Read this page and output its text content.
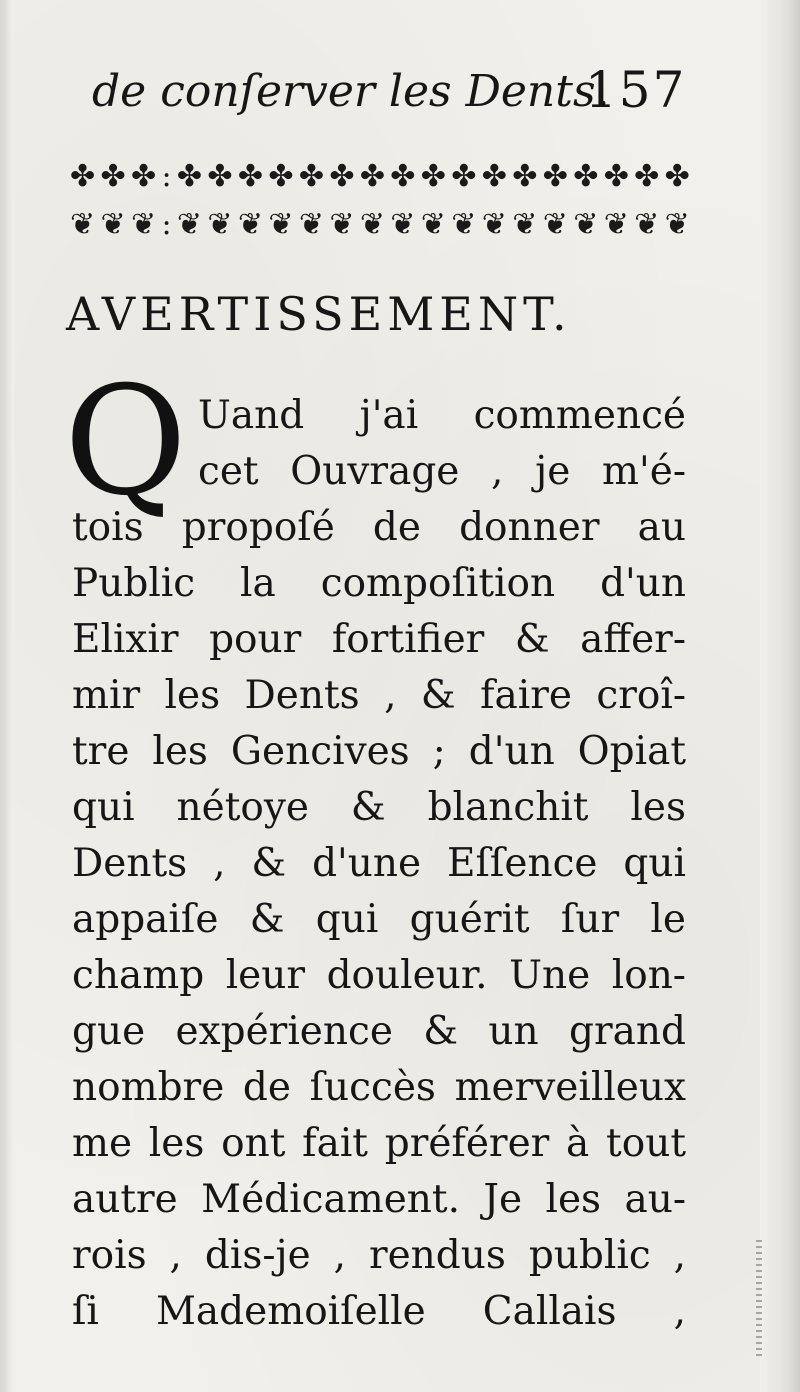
de conſerver les Dents.
157
✤ ✤ ✤ : ✤ ✤ ✤ ✤ ✤ ✤ ✤ ✤ ✤ ✤ ✤ ✤ ✤ ✤ ✤ ✤ ✤
❦ ❦ ❦ : ❦ ❦ ❦ ❦ ❦ ❦ ❦ ❦ ❦ ❦ ❦ ❦ ❦ ❦ ❦ ❦ ❦
AVERTISSEMENT.
Q Uand j'ai commencé
cet Ouvrage , je m'é-
tois propoſé de donner au
Public la compoſition d'un
Elixir pour fortifier & affer-
mir les Dents , & faire croî-
tre les Gencives ; d'un Opiat
qui nétoye & blanchit les
Dents , & d'une Eſſence qui
appaiſe & qui guérit ſur le
champ leur douleur. Une lon-
gue expérience & un grand
nombre de ſuccès merveilleux
me les ont fait préférer à tout
autre Médicament. Je les au-
rois , dis-je , rendus public ,
ſi Mademoiſelle Callais ,
